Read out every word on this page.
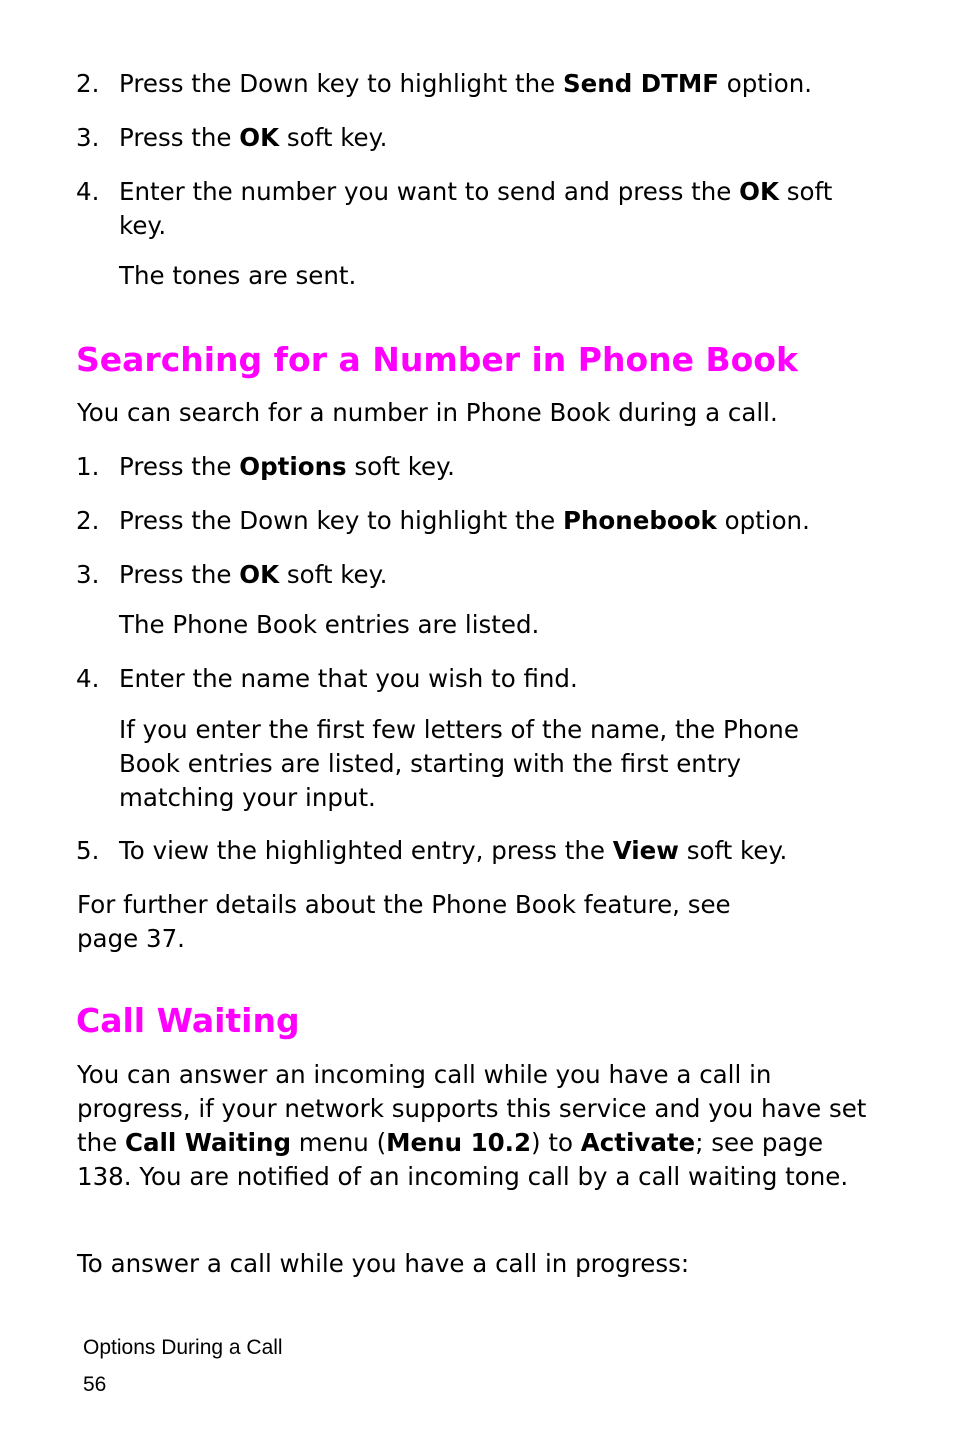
2. Press the Down key to highlight the Send DTMF option.
3. Press the OK soft key.
4. Enter the number you want to send and press the OK soft key.

The tones are sent.

Searching for a Number in Phone Book

You can search for a number in Phone Book during a call.

1. Press the Options soft key.
2. Press the Down key to highlight the Phonebook option.
3. Press the OK soft key.

The Phone Book entries are listed.

4. Enter the name that you wish to find.

If you enter the first few letters of the name, the Phone Book entries are listed, starting with the first entry matching your input.

5. To view the highlighted entry, press the View soft key.

For further details about the Phone Book feature, see page 37.

Call Waiting

You can answer an incoming call while you have a call in progress, if your network supports this service and you have set the Call Waiting menu (Menu 10.2) to Activate; see page 138. You are notified of an incoming call by a call waiting tone.

To answer a call while you have a call in progress:

Options During a Call
56
